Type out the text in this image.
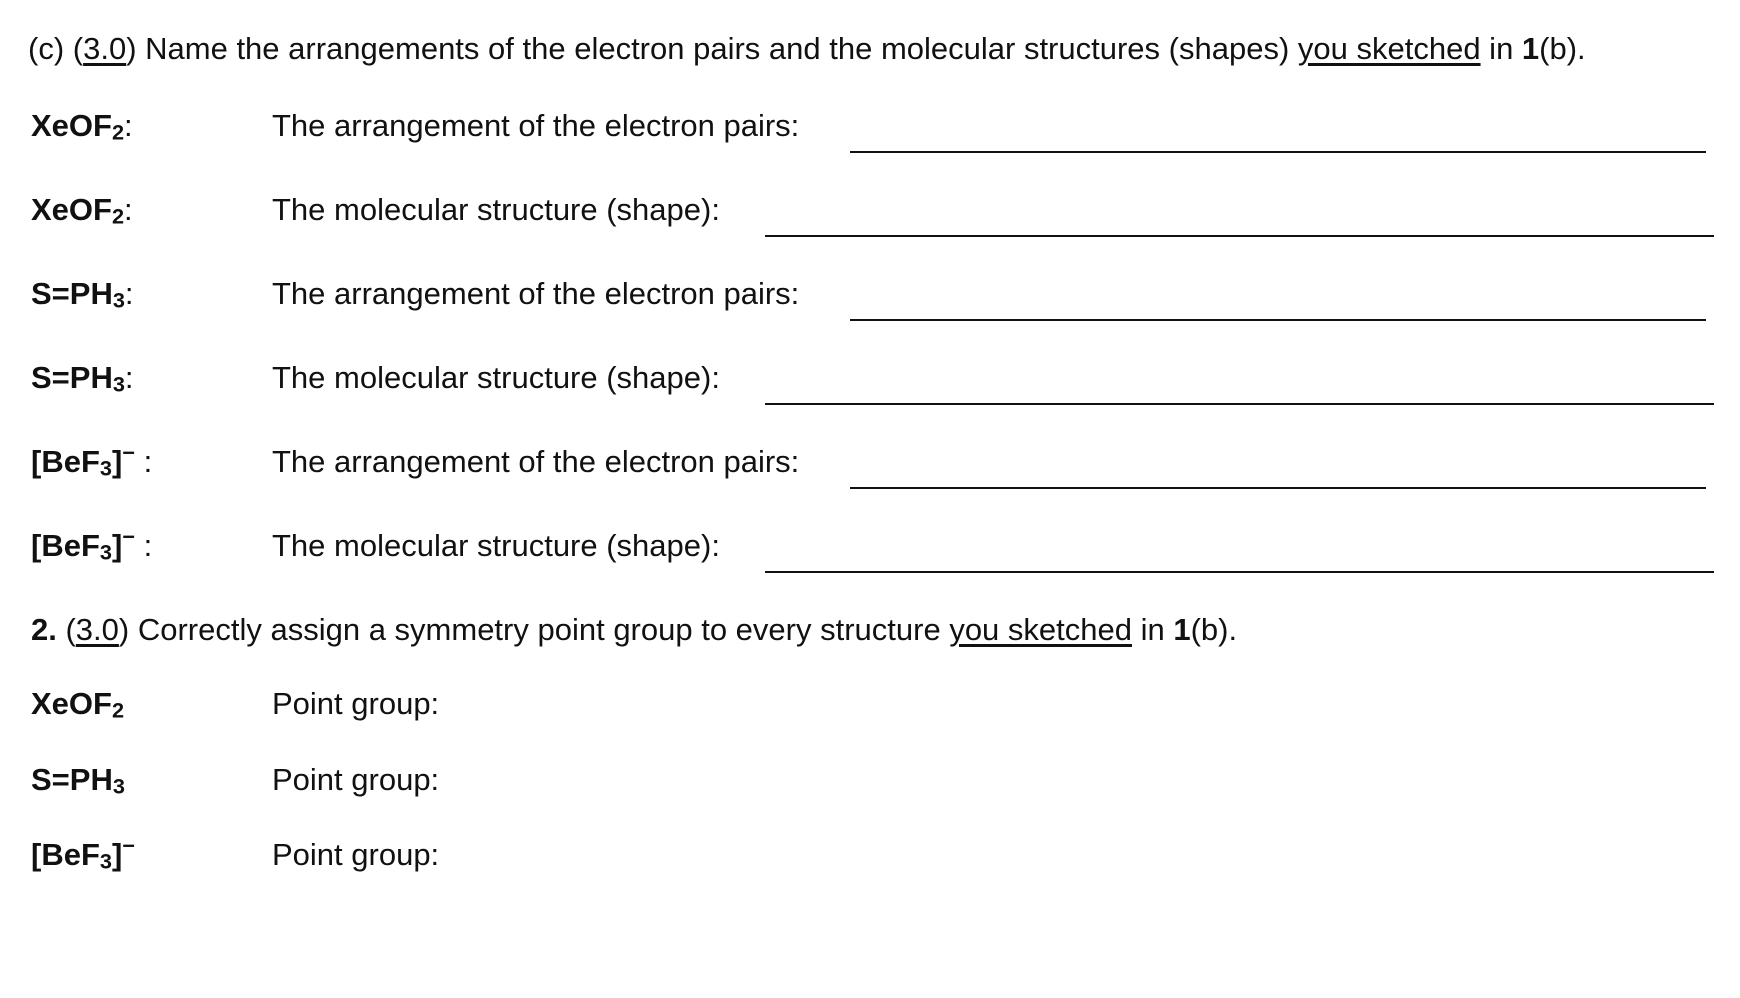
(c) (3.0) Name the arrangements of the electron pairs and the molecular structures (shapes) you sketched in 1(b).
XeOF$_2$:	The arrangement of the electron pairs:
XeOF$_2$:	The molecular structure (shape):
$S=PH_3$:	The arrangement of the electron pairs:
$S=PH_3$:	The molecular structure (shape):
[BeF$_3$]− :	The arrangement of the electron pairs:
[BeF$_3$]− :	The molecular structure (shape):
2. (3.0) Correctly assign a symmetry point group to every structure you sketched in 1(b).
XeOF$_2$	Point group:
$S=PH_3$	Point group:
[BeF$_3$]−	Point group:
